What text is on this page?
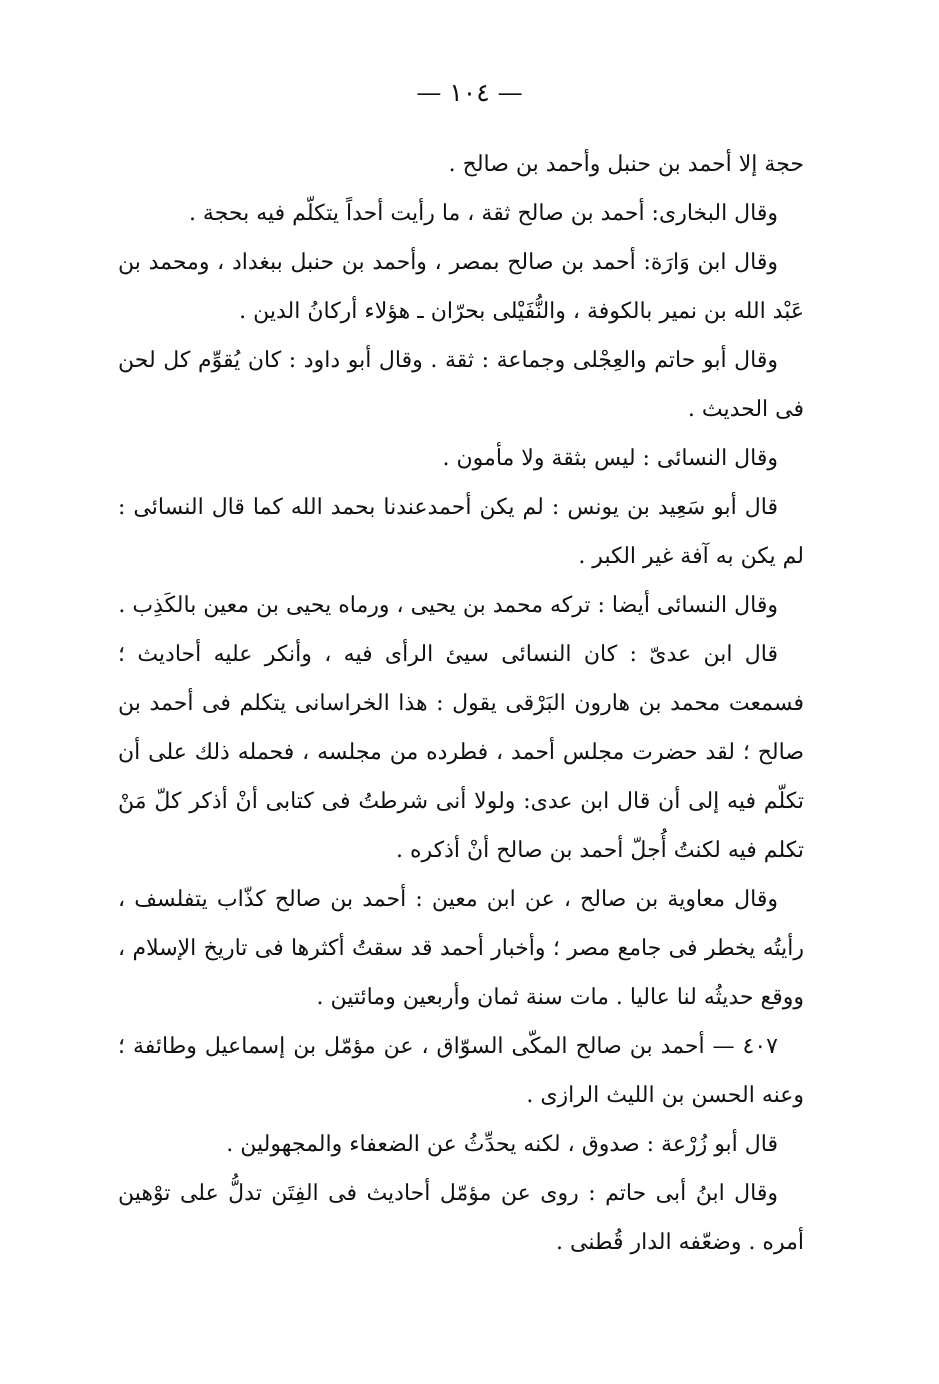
— ١٠٤ —

حجة إلا أحمد بن حنبل وأحمد بن صالح .

وقال البخارى: أحمد بن صالح ثقة ، ما رأيت أحداً يتكلّم فيه بحجة .

وقال ابن وَارَة: أحمد بن صالح بمصر ، وأحمد بن حنبل ببغداد ، ومحمد بن عَبْد الله بن نمير بالكوفة ، والنُّفَيْلى بحرّان ـ هؤلاء أركانُ الدين .

وقال أبو حاتم والعِجْلى وجماعة : ثقة . وقال أبو داود : كان يُقوِّم كل لحن فى الحديث .

وقال النسائى : ليس بثقة ولا مأمون .

قال أبو سَعِيد بن يونس : لم يكن أحمدعندنا بحمد الله كما قال النسائى : لم يكن به آفة غير الكبر .

وقال النسائى أيضا : تركه محمد بن يحيى ، ورماه يحيى بن معين بالكَذِب .

قال ابن عدىّ : كان النسائى سيئ الرأى فيه ، وأنكر عليه أحاديث ؛ فسمعت محمد بن هارون البَرْقى يقول : هذا الخراسانى يتكلم فى أحمد بن صالح ؛ لقد حضرت مجلس أحمد ، فطرده من مجلسه ، فحمله ذلك على أن تكلّم فيه إلى أن قال ابن عدى: ولولا أنى شرطتُ فى كتابى أنْ أذكر كلّ مَنْ تكلم فيه لكنتُ أُجلّ أحمد بن صالح أنْ أذكره .

وقال معاوية بن صالح ، عن ابن معين : أحمد بن صالح كذّاب يتفلسف ، رأيتُه يخطر فى جامع مصر ؛ وأخبار أحمد قد سقتُ أكثرها فى تاريخ الإسلام ، ووقع حديثُه لنا عاليا . مات سنة ثمان وأربعين ومائتين .

٤٠٧ — أحمد بن صالح المكّى السوّاق ، عن مؤمّل بن إسماعيل وطائفة ؛ وعنه الحسن بن الليث الرازى .

قال أبو زُرْعة : صدوق ، لكنه يحدِّثُ عن الضعفاء والمجهولين .

وقال ابنُ أبى حاتم : روى عن مؤمّل أحاديث فى الفِتَن تدلُّ على توْهين أمره . وضعّفه الدار قُطنى .
